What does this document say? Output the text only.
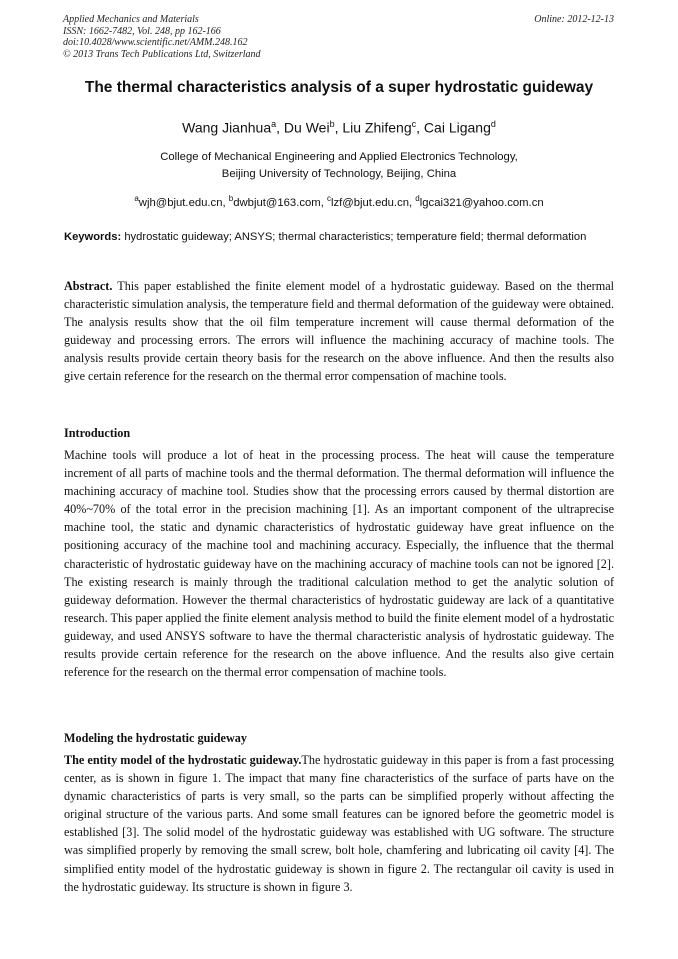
Applied Mechanics and Materials
ISSN: 1662-7482, Vol. 248, pp 162-166
doi:10.4028/www.scientific.net/AMM.248.162
© 2013 Trans Tech Publications Ltd, Switzerland
Online: 2012-12-13
The thermal characteristics analysis of a super hydrostatic guideway
Wang Jianhua$^a$, Du Wei$^b$, Liu Zhifeng$^c$, Cai Ligang$^d$
College of Mechanical Engineering and Applied Electronics Technology,
Beijing University of Technology, Beijing, China
$^a$wjh@bjut.edu.cn, $^b$dwbjut@163.com, $^c$lzf@bjut.edu.cn, $^d$lgcai321@yahoo.com.cn
Keywords: hydrostatic guideway; ANSYS; thermal characteristics; temperature field; thermal deformation

Abstract. This paper established the finite element model of a hydrostatic guideway. Based on the thermal characteristic simulation analysis, the temperature field and thermal deformation of the guideway were obtained. The analysis results show that the oil film temperature increment will cause thermal deformation of the guideway and processing errors. The errors will influence the machining accuracy of machine tools. The analysis results provide certain theory basis for the research on the above influence. And then the results also give certain reference for the research on the thermal error compensation of machine tools.

Introduction

Machine tools will produce a lot of heat in the processing process. The heat will cause the temperature increment of all parts of machine tools and the thermal deformation. The thermal deformation will influence the machining accuracy of machine tool. Studies show that the processing errors caused by thermal distortion are 40%~70% of the total error in the precision machining [1]. As an important component of the ultraprecise machine tool, the static and dynamic characteristics of hydrostatic guideway have great influence on the positioning accuracy of the machine tool and machining accuracy. Especially, the influence that the thermal characteristic of hydrostatic guideway have on the machining accuracy of machine tools can not be ignored [2]. The existing research is mainly through the traditional calculation method to get the analytic solution of guideway deformation. However the thermal characteristics of hydrostatic guideway are lack of a quantitative research. This paper applied the finite element analysis method to build the finite element model of a hydrostatic guideway, and used ANSYS software to have the thermal characteristic analysis of hydrostatic guideway. The results provide certain reference for the research on the above influence. And the results also give certain reference for the research on the thermal error compensation of machine tools.

Modeling the hydrostatic guideway

The entity model of the hydrostatic guideway.The hydrostatic guideway in this paper is from a fast processing center, as is shown in figure 1. The impact that many fine characteristics of the surface of parts have on the dynamic characteristics of parts is very small, so the parts can be simplified properly without affecting the original structure of the various parts. And some small features can be ignored before the geometric model is established [3]. The solid model of the hydrostatic guideway was established with UG software. The structure was simplified properly by removing the small screw, bolt hole, chamfering and lubricating oil cavity [4]. The simplified entity model of the hydrostatic guideway is shown in figure 2. The rectangular oil cavity is used in the hydrostatic guideway. Its structure is shown in figure 3.
